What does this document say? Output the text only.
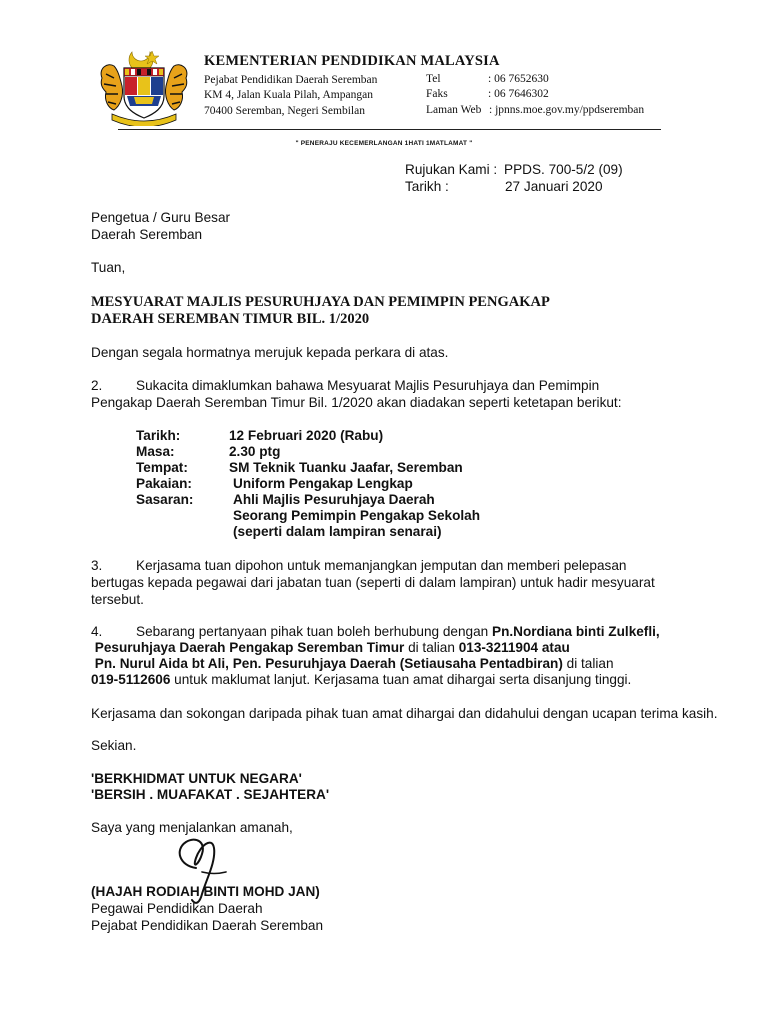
KEMENTERIAN PENDIDIKAN MALAYSIA
Pejabat Pendidikan Daerah Seremban
KM 4, Jalan Kuala Pilah, Ampangan
70400 Seremban, Negeri Sembilan
Tel	: 06 7652630
Faks	: 06 7646302
Laman Web : jpnns.moe.gov.my/ppdseremban
" PENERAJU KECEMERLANGAN 1HATI 1MATLAMAT "
Rujukan Kami : PPDS. 700-5/2 (09)
Tarikh :	27 Januari 2020
Pengetua / Guru Besar
Daerah Seremban
Tuan,
MESYUARAT MAJLIS PESURUHJAYA DAN PEMIMPIN PENGAKAP
DAERAH SEREMBAN TIMUR BIL. 1/2020
Dengan segala hormatnya merujuk kepada perkara di atas.
2. Sukacita dimaklumkan bahawa Mesyuarat Majlis Pesuruhjaya dan Pemimpin
Pengakap Daerah Seremban Timur Bil. 1/2020 akan diadakan seperti ketetapan berikut:
Tarikh:	12 Februari 2020 (Rabu)
Masa:	2.30 ptg
Tempat:	SM Teknik Tuanku Jaafar, Seremban
Pakaian:	Uniform Pengakap Lengkap
Sasaran:	Ahli Majlis Pesuruhjaya Daerah
Seorang Pemimpin Pengakap Sekolah
(seperti dalam lampiran senarai)
3. Kerjasama tuan dipohon untuk memanjangkan jemputan dan memberi pelepasan
bertugas kepada pegawai dari jabatan tuan (seperti di dalam lampiran) untuk hadir mesyuarat
tersebut.
4. Sebarang pertanyaan pihak tuan boleh berhubung dengan Pn.Nordiana binti Zulkefli,
Pesuruhjaya Daerah Pengakap Seremban Timur di talian 013-3211904 atau
Pn. Nurul Aida bt Ali, Pen. Pesuruhjaya Daerah (Setiausaha Pentadbiran) di talian
019-5112606 untuk maklumat lanjut. Kerjasama tuan amat dihargai serta disanjung tinggi.
Kerjasama dan sokongan daripada pihak tuan amat dihargai dan didahului dengan ucapan terima kasih.
Sekian.
'BERKHIDMAT UNTUK NEGARA'
'BERSIH . MUAFAKAT . SEJAHTERA'
Saya yang menjalankan amanah,
(HAJAH RODIAH BINTI MOHD JAN)
Pegawai Pendidikan Daerah
Pejabat Pendidikan Daerah Seremban
